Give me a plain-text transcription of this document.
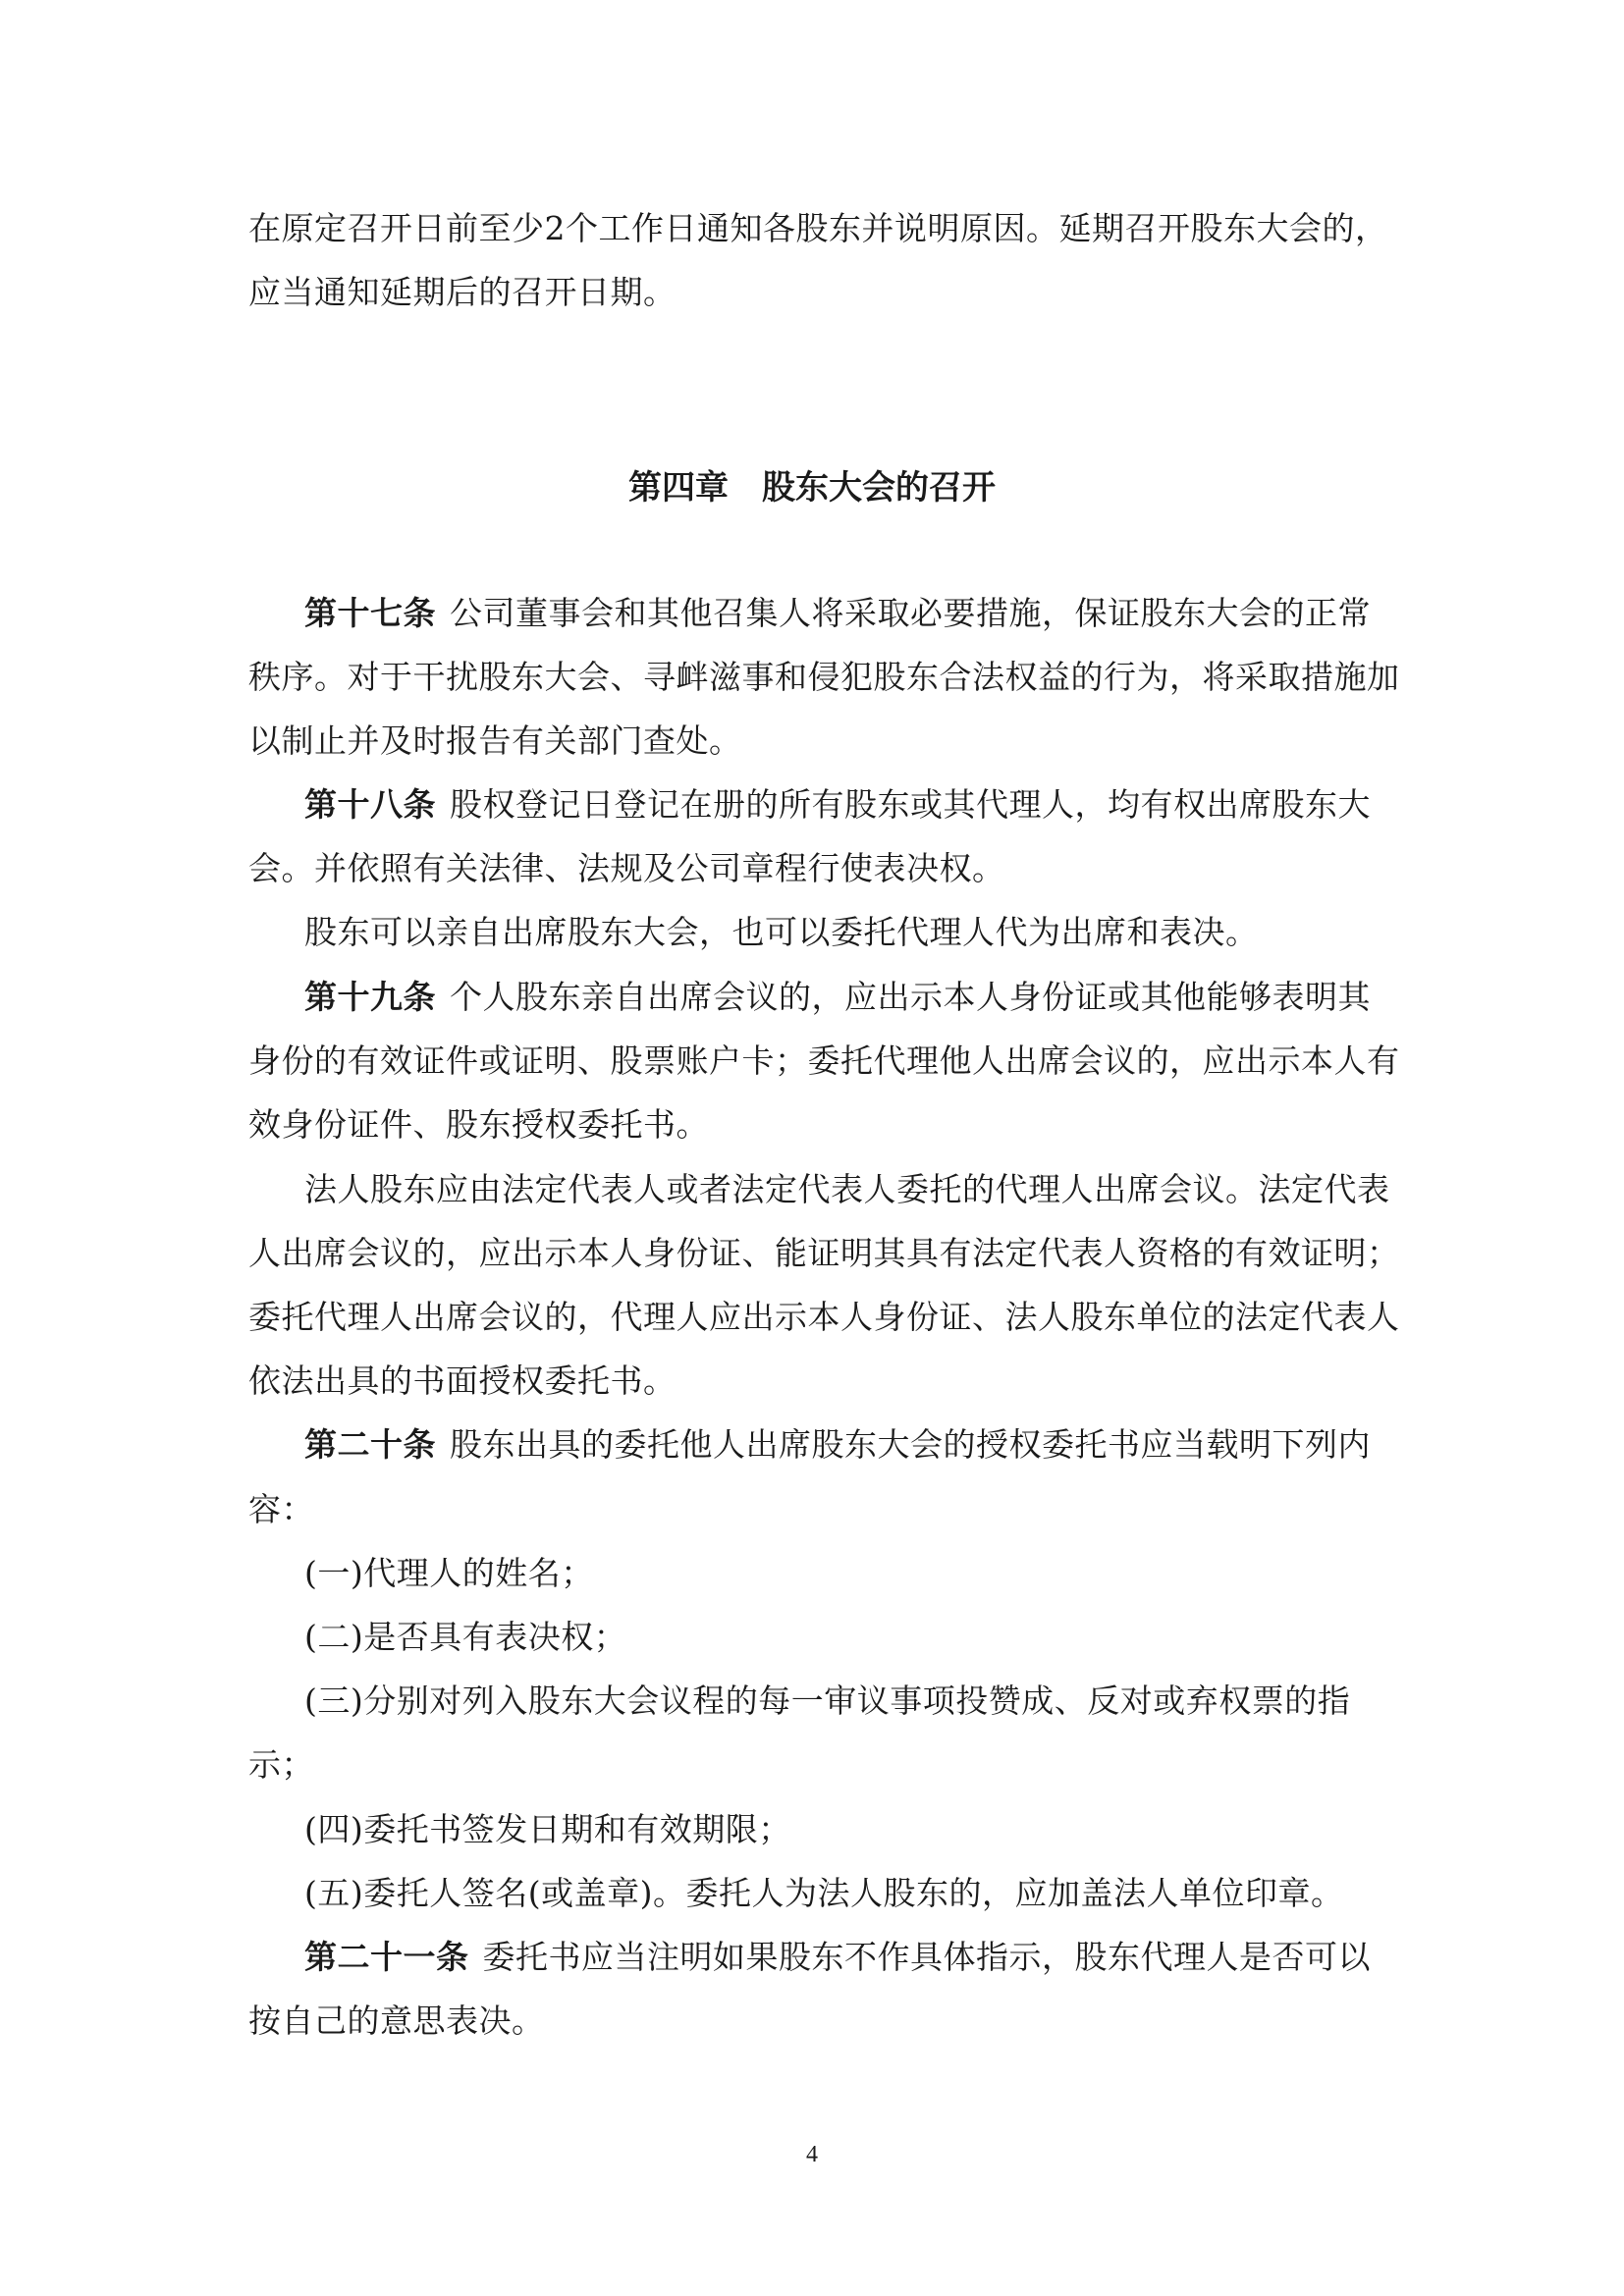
在原定召开日前至少2个工作日通知各股东并说明原因。延期召开股东大会的，
应当通知延期后的召开日期。
第四章　股东大会的召开
第十七条 公司董事会和其他召集人将采取必要措施，保证股东大会的正常
秩序。对于干扰股东大会、寻衅滋事和侵犯股东合法权益的行为，将采取措施加
以制止并及时报告有关部门查处。
第十八条 股权登记日登记在册的所有股东或其代理人，均有权出席股东大
会。并依照有关法律、法规及公司章程行使表决权。
股东可以亲自出席股东大会，也可以委托代理人代为出席和表决。
第十九条 个人股东亲自出席会议的，应出示本人身份证或其他能够表明其
身份的有效证件或证明、股票账户卡；委托代理他人出席会议的，应出示本人有
效身份证件、股东授权委托书。
法人股东应由法定代表人或者法定代表人委托的代理人出席会议。法定代表
人出席会议的，应出示本人身份证、能证明其具有法定代表人资格的有效证明；
委托代理人出席会议的，代理人应出示本人身份证、法人股东单位的法定代表人
依法出具的书面授权委托书。
第二十条 股东出具的委托他人出席股东大会的授权委托书应当载明下列内
容：
(一)代理人的姓名；
(二)是否具有表决权；
(三)分别对列入股东大会议程的每一审议事项投赞成、反对或弃权票的指
示；
(四)委托书签发日期和有效期限；
(五)委托人签名(或盖章)。委托人为法人股东的，应加盖法人单位印章。
第二十一条 委托书应当注明如果股东不作具体指示，股东代理人是否可以
按自己的意思表决。
4
